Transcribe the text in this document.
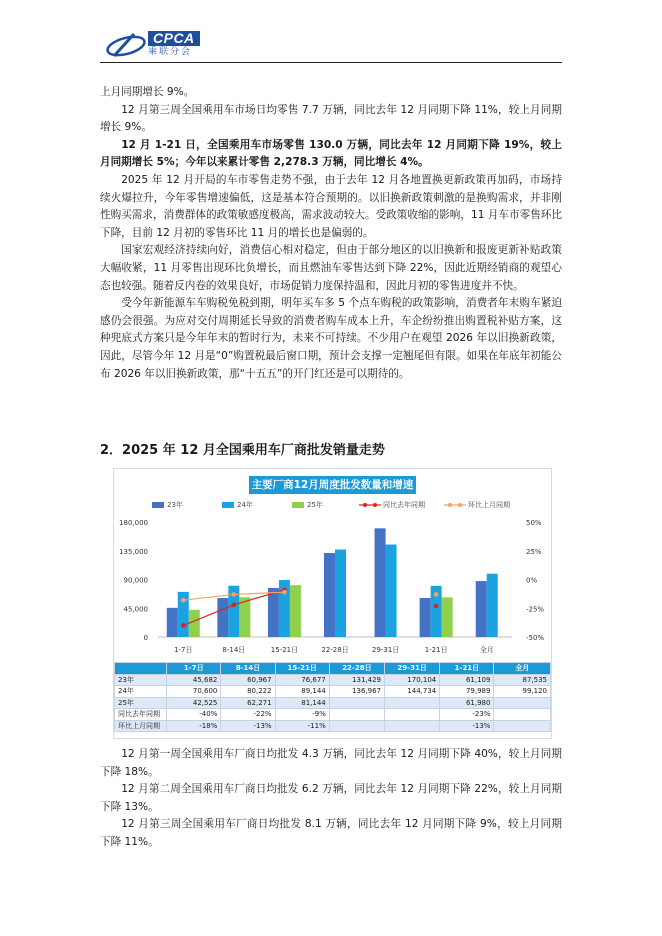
CPCA
乘联分会

上月同期增长 9%。

12 月第三周全国乘用车市场日均零售 7.7 万辆，同比去年 12 月同期下降 11%，较上月同期增长 9%。

12 月 1-21 日，全国乘用车市场零售 130.0 万辆，同比去年 12 月同期下降 19%，较上月同期增长 5%；今年以来累计零售 2,278.3 万辆，同比增长 4%。

2025 年 12 月开局的车市零售走势不强，由于去年 12 月各地置换更新政策再加码，市场持续火爆拉升，今年零售增速偏低，这是基本符合预期的。以旧换新政策刺激的是换购需求，并非刚性购买需求，消费群体的政策敏感度极高，需求波动较大。受政策收缩的影响，11 月车市零售环比下降，目前 12 月初的零售环比 11 月的增长也是偏弱的。

国家宏观经济持续向好，消费信心相对稳定，但由于部分地区的以旧换新和报废更新补贴政策大幅收紧，11 月零售出现环比负增长，而且燃油车零售达到下降 22%，因此近期经销商的观望心态也较强。随着反内卷的效果良好，市场促销力度保持温和，因此月初的零售进度并不快。

受今年新能源车车购税免税到期，明年买车多 5 个点车购税的政策影响，消费者年末购车紧迫感仍会很强。为应对交付周期延长导致的消费者购车成本上升，车企纷纷推出购置税补贴方案，这种兜底式方案只是今年年末的暂时行为，未来不可持续。不少用户在观望 2026 年以旧换新政策，因此，尽管今年 12 月是“0”购置税最后窗口期，预计会支撑一定翘尾但有限。如果在年底年初能公布 2026 年以旧换新政策，那“十五五”的开门红还是可以期待的。

2．2025 年 12 月全国乘用车厂商批发销量走势
主要厂商12月周度批发数量和增速
23年	24年	25年	同比去年同期	环比上月同期
0
45,000
90,000
135,000
180,000
-50%
-25%
0%
25%
50%
1-7日	8-14日	15-21日	22-28日	29-31日	1-21日	全月
	1-7日	8-14日	15-21日	22-28日	29-31日	1-21日	全月
23年	45,682	60,967	76,677	131,429	170,104	61,109	87,535
24年	70,600	80,222	89,144	136,967	144,734	79,989	99,120
25年	42,525	62,271	81,144			61,980	
同比去年同期	-40%	-22%	-9%			-23%	
环比上月同期	-18%	-13%	-11%			-13%	

12 月第一周全国乘用车厂商日均批发 4.3 万辆，同比去年 12 月同期下降 40%，较上月同期下降 18%。

12 月第二周全国乘用车厂商日均批发 6.2 万辆，同比去年 12 月同期下降 22%，较上月同期下降 13%。

12 月第三周全国乘用车厂商日均批发 8.1 万辆，同比去年 12 月同期下降 9%，较上月同期下降 11%。
